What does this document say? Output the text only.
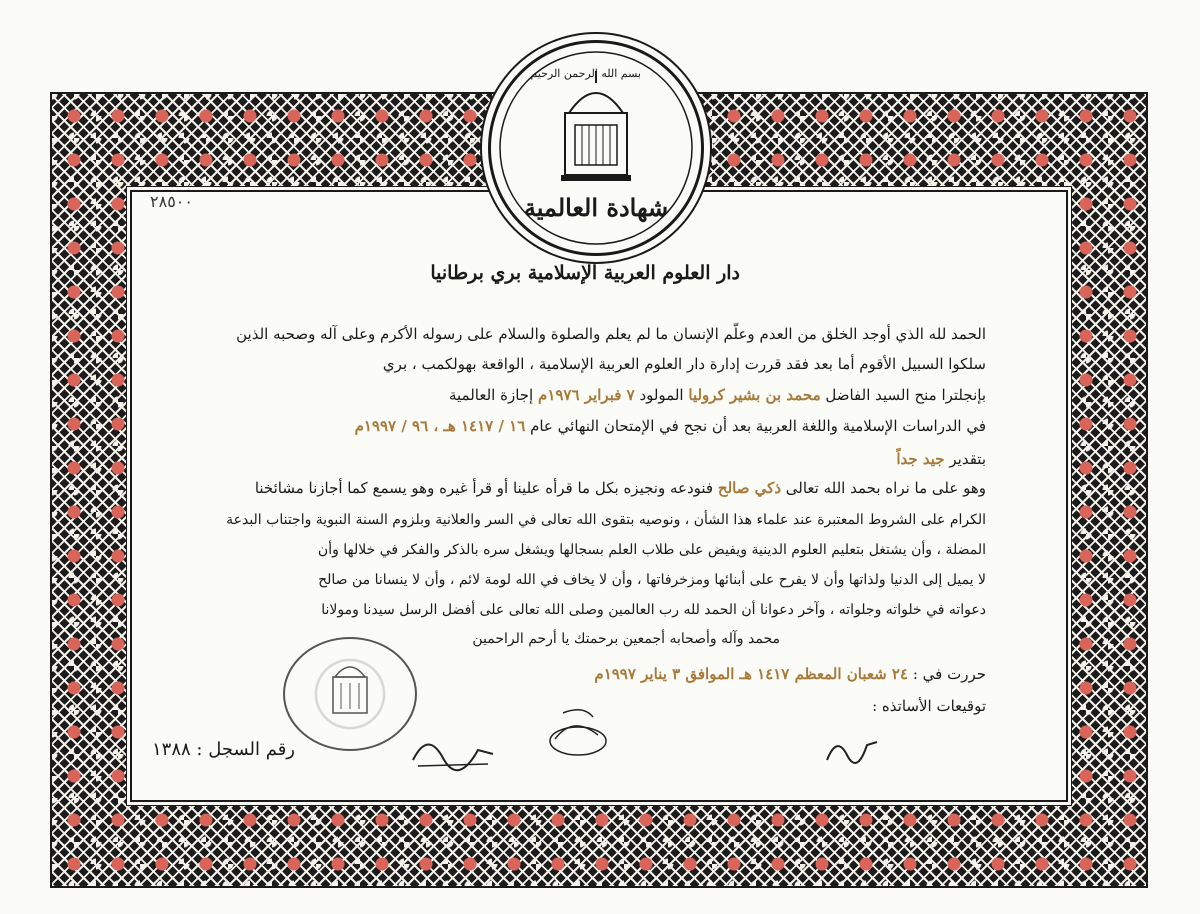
بسم الله الرحمن الرحيم
شهادة العالمية
دار العلوم العربية الإسلامية بري برطانيا
٢٨٥٠٠
الحمد لله الذي أوجد الخلق من العدم وعلّم الإنسان ما لم يعلم والصلوة والسلام على رسوله الأكرم وعلى آله وصحبه الذين
سلكوا السبيل الأقوم أما بعد فقد قررت إدارة دار العلوم العربية الإسلامية ، الواقعة بهولكمب ، بري
بإنجلترا منح السيد الفاضل محمد بن بشير كروليا المولود ٧ فبراير ١٩٧٦م إجازة العالمية
في الدراسات الإسلامية واللغة العربية بعد أن نجح في الإمتحان النهائي عام ١٦ / ١٤١٧ هـ ، ٩٦ / ١٩٩٧م
بتقدير جيد جداً
وهو على ما نراه بحمد الله تعالى ذكي صالح فنودعه ونجيزه بكل ما قرأه علينا أو قرأ غيره وهو يسمع كما أجازنا مشائخنا
الكرام على الشروط المعتبرة عند علماء هذا الشأن ، ونوصيه بتقوى الله تعالى في السر والعلانية وبلزوم السنة النبوية واجتناب البدعة
المضلة ، وأن يشتغل بتعليم العلوم الدينية ويفيض على طلاب العلم بسجالها ويشغل سره بالذكر والفكر في خلالها وأن
لا يميل إلى الدنيا ولذاتها وأن لا يفرح على أبنائها ومزخرفاتها ، وأن لا يخاف في الله لومة لائم ، وأن لا ينسانا من صالح
دعواته في خلواته وجلواته ، وآخر دعوانا أن الحمد لله رب العالمين وصلى الله تعالى على أفضل الرسل سيدنا ومولانا
محمد وآله وأصحابه أجمعين برحمتك يا أرحم الراحمين
حررت في : ٢٤ شعبان المعظم ١٤١٧ هـ الموافق ٣ يناير ١٩٩٧م
توقيعات الأساتذه :
رقم السجل : ١٣٨٨
